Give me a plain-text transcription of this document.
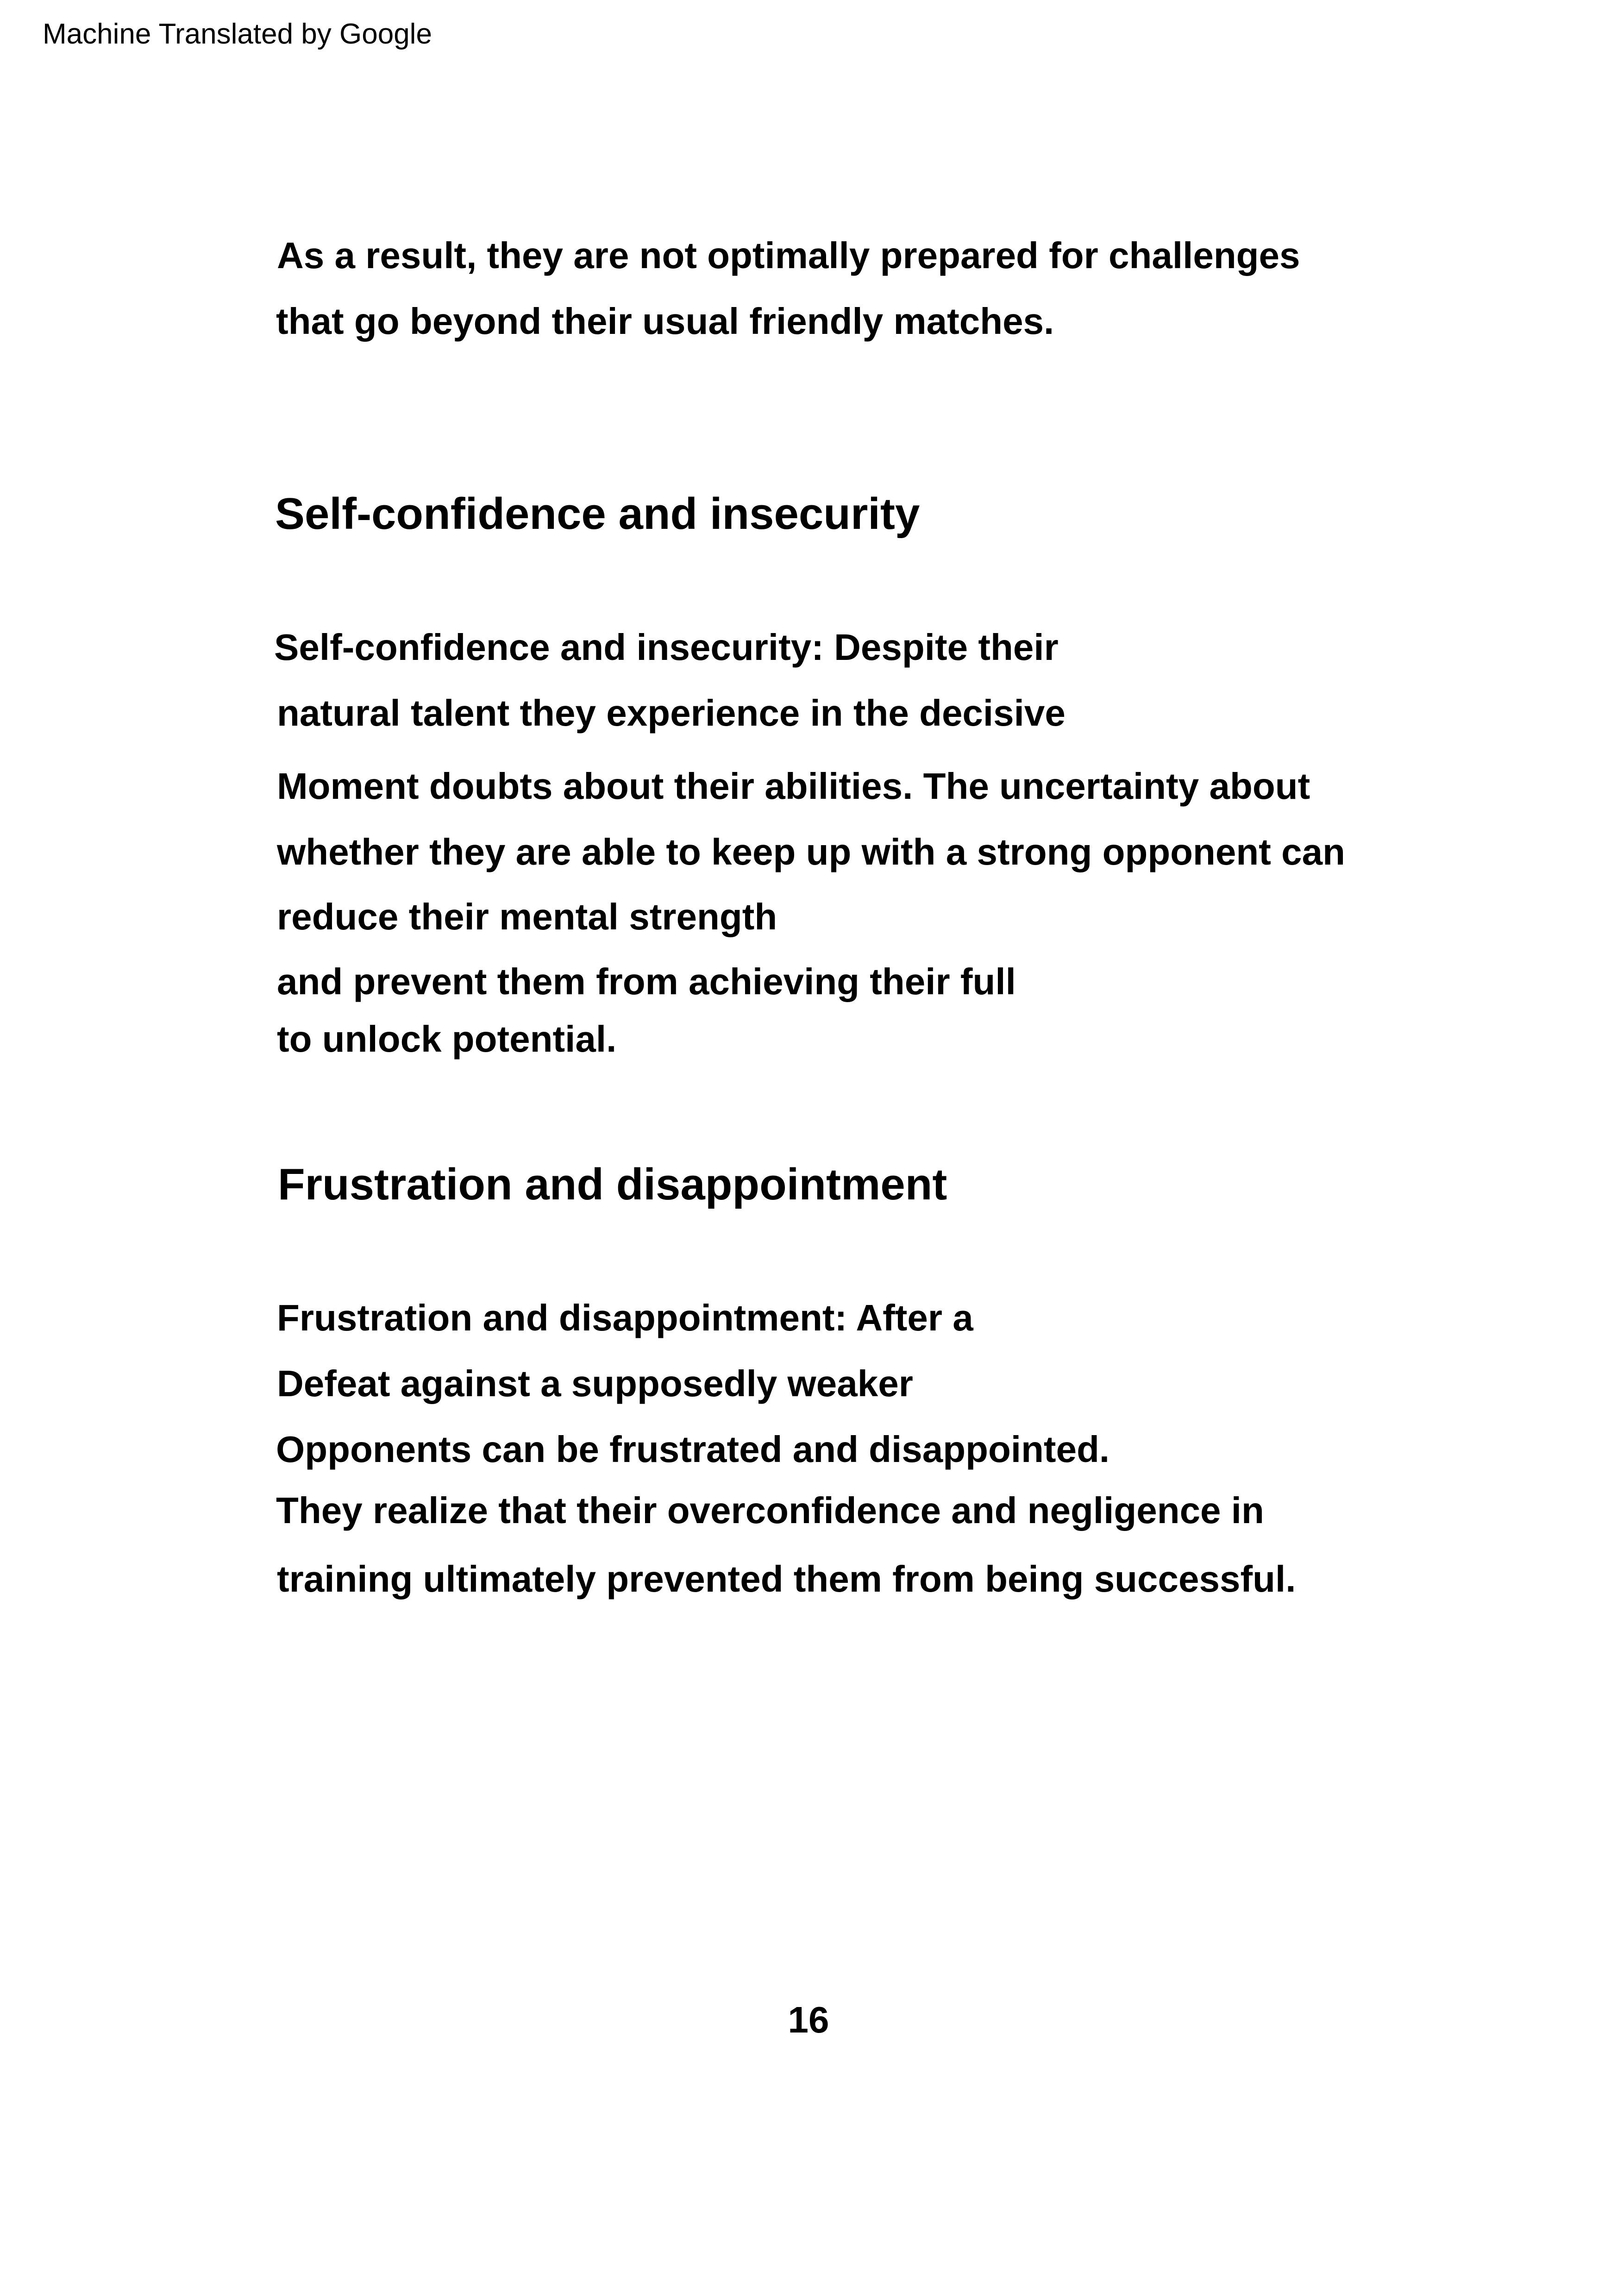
Machine Translated by Google
As a result, they are not optimally prepared for challenges
that go beyond their usual friendly matches.
Self-confidence and insecurity
Self-confidence and insecurity: Despite their
natural talent they experience in the decisive
Moment doubts about their abilities. The uncertainty about
whether they are able to keep up with a strong opponent can
reduce their mental strength
and prevent them from achieving their full
to unlock potential.
Frustration and disappointment
Frustration and disappointment: After a
Defeat against a supposedly weaker
Opponents can be frustrated and disappointed.
They realize that their overconfidence and negligence in
training ultimately prevented them from being successful.
16
